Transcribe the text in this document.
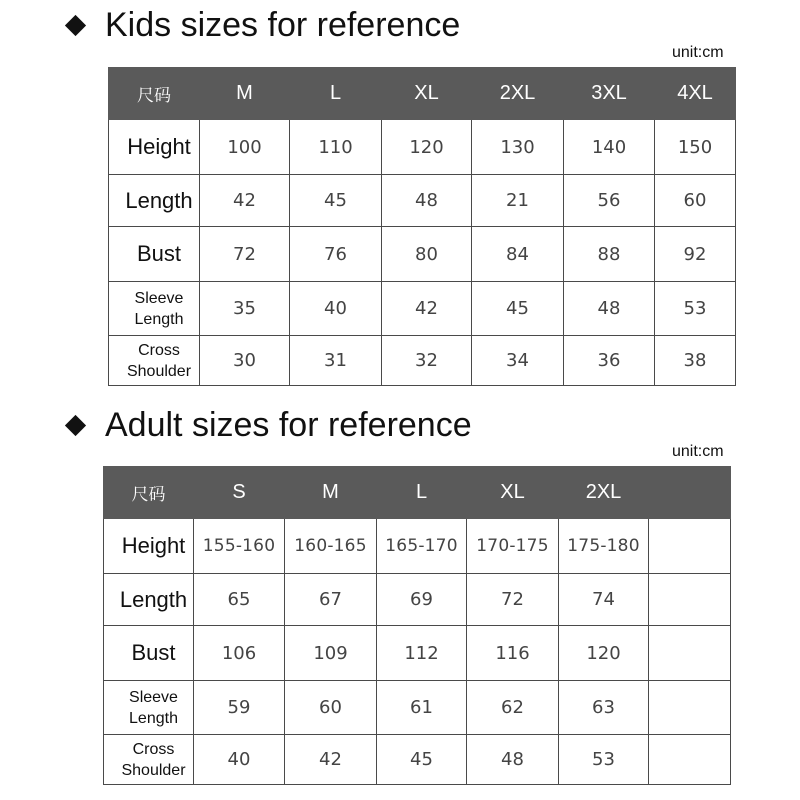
Kids sizes for reference
unit:cm
尺码	M	L	XL	2XL	3XL	4XL

Height	100	110	120	130	140	150

Length	42	45	48	21	56	60

Bust	72	76	80	84	88	92

Sleeve
Length	35	40	42	45	48	53

Cross
Shoulder	30	31	32	34	36	38
Adult sizes for reference
unit:cm
尺码	S	M	L	XL	2XL	

Height	155-160	160-165	165-170	170-175	175-180	

Length	65	67	69	72	74	

Bust	106	109	112	116	120	

Sleeve
Length	59	60	61	62	63	

Cross
Shoulder	40	42	45	48	53	
